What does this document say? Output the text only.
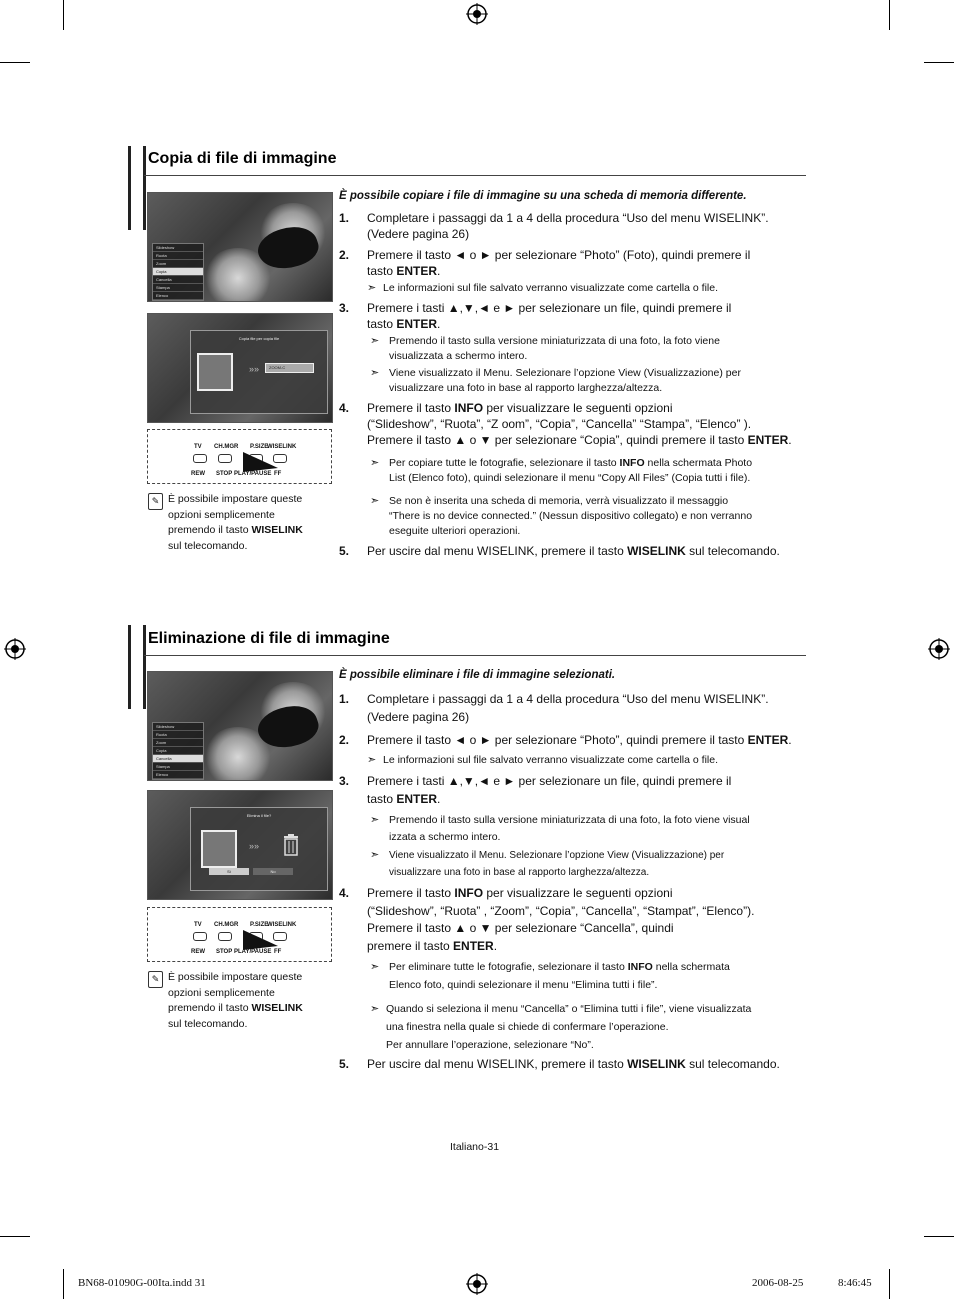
Copia di file di immagine
Slideshow
Ruota
Zoom
Copia
Cancella
Stampa
Elenco
Copia file per copia file
»»	ZOOM-C
TV CH.MGR P.SIZE
WISELINK
REW STOP PLAY/PAUSE FF
✎ È possibile impostare queste
opzioni semplicemente
premendo il tasto WISELINK
sul telecomando.
È possibile copiare i file di immagine su una scheda di memoria differente.
1. Completare i passaggi da 1 a 4 della procedura “Uso del menu WISELINK”.
(Vedere pagina 26)
2. Premere il tasto ◄ o ► per selezionare “Photo” (Foto), quindi premere il
tasto ENTER.
➣ Le informazioni sul file salvato verranno visualizzate come cartella o file.
3. Premere i tasti ▲,▼,◄ e ► per selezionare un file, quindi premere il
tasto ENTER.
➣ Premendo il tasto sulla versione miniaturizzata di una foto, la foto viene
visualizzata a schermo intero.
➣ Viene visualizzato il Menu. Selezionare l’opzione View (Visualizzazione) per
visualizzare una foto in base al rapporto larghezza/altezza.
4. Premere il tasto INFO per visualizzare le seguenti opzioni
(“Slideshow”, “Ruota”, “Z oom”, “Copia”, “Cancella” “Stampa”, “Elenco” ).
Premere il tasto ▲ o ▼ per selezionare “Copia”, quindi premere il tasto ENTER.
➣ Per copiare tutte le fotografie, selezionare il tasto INFO nella schermata Photo
List (Elenco foto), quindi selezionare il menu “Copy All Files” (Copia tutti i file).
➣ Se non è inserita una scheda di memoria, verrà visualizzato il messaggio
“There is no device connected.” (Nessun dispositivo collegato) e non verranno
eseguite ulteriori operazioni.
5. Per uscire dal menu WISELINK, premere il tasto WISELINK sul telecomando.
Eliminazione di file di immagine
Slideshow
Ruota
Zoom
Copia
Cancella
Stampa
Elenco
Elimina il file?
»»
Sì	No
TV CH.MGR P.SIZE
WISELINK
REW STOP PLAY/PAUSE FF
✎ È possibile impostare queste
opzioni semplicemente
premendo il tasto WISELINK
sul telecomando.
È possibile eliminare i file di immagine selezionati.
1. Completare i passaggi da 1 a 4 della procedura “Uso del menu WISELINK”.
(Vedere pagina 26)
2. Premere il tasto ◄ o ► per selezionare “Photo”, quindi premere il tasto ENTER.
➣ Le informazioni sul file salvato verranno visualizzate come cartella o file.
3. Premere i tasti ▲,▼,◄ e ► per selezionare un file, quindi premere il
tasto ENTER.
➣ Premendo il tasto sulla versione miniaturizzata di una foto, la foto viene visual
izzata a schermo intero.
➣ Viene visualizzato il Menu. Selezionare l’opzione View (Visualizzazione) per
visualizzare una foto in base al rapporto larghezza/altezza.
4. Premere il tasto INFO per visualizzare le seguenti opzioni
(“Slideshow”, “Ruota” , “Zoom”, “Copia”, “Cancella”, “Stampat”, “Elenco”).
Premere il tasto ▲ o ▼ per selezionare “Cancella”, quindi
premere il tasto ENTER.
➣ Per eliminare tutte le fotografie, selezionare il tasto INFO nella schermata
Elenco foto, quindi selezionare il menu “Elimina tutti i file”.
➣ Quando si seleziona il menu “Cancella” o “Elimina tutti i file”, viene visualizzata
una finestra nella quale si chiede di confermare l’operazione.
Per annullare l’operazione, selezionare “No”.
5. Per uscire dal menu WISELINK, premere il tasto WISELINK sul telecomando.
Italiano-31
BN68-01090G-00Ita.indd 31	2006-08-25	8:46:45
